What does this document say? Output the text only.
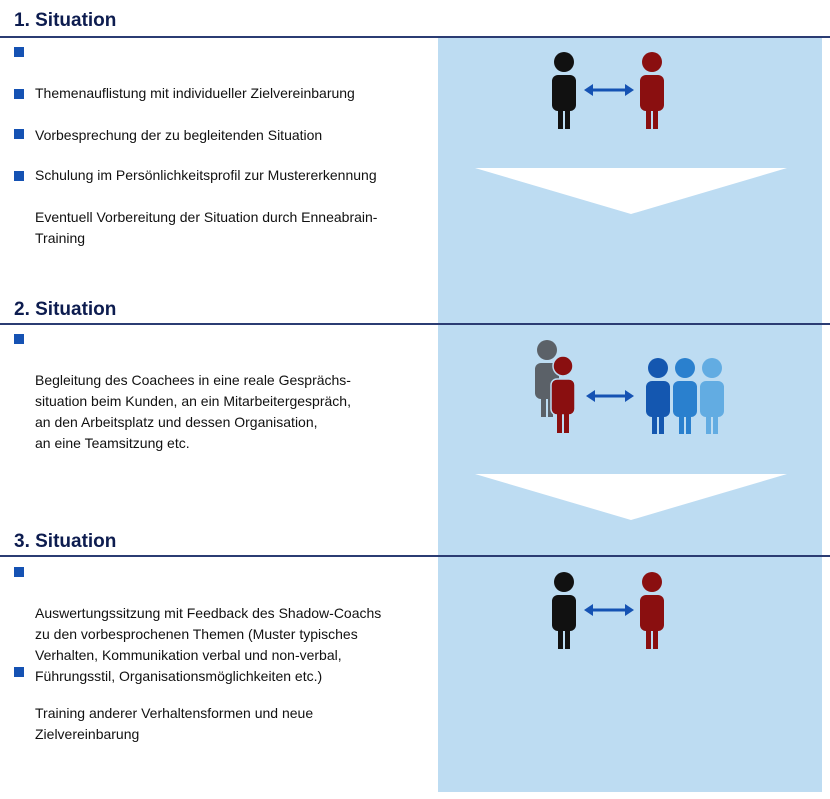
1. Situation

Themenauflistung mit individueller Zielvereinbarung

Vorbesprechung der zu begleitenden Situation

Schulung im Persönlichkeitsprofil zur Mustererkennung

Eventuell Vorbereitung der Situation durch Enneabrain-
Training

2. Situation

Begleitung des Coachees in eine reale Gesprächs-
situation beim Kunden, an ein Mitarbeitergespräch,
an den Arbeitsplatz und dessen Organisation,
an eine Teamsitzung etc.

3. Situation

Auswertungssitzung mit Feedback des Shadow-Coachs
zu den vorbesprochenen Themen (Muster typisches
Verhalten, Kommunikation verbal und non-verbal,
Führungsstil, Organisationsmöglichkeiten etc.)

Training anderer Verhaltensformen und neue
Zielvereinbarung
